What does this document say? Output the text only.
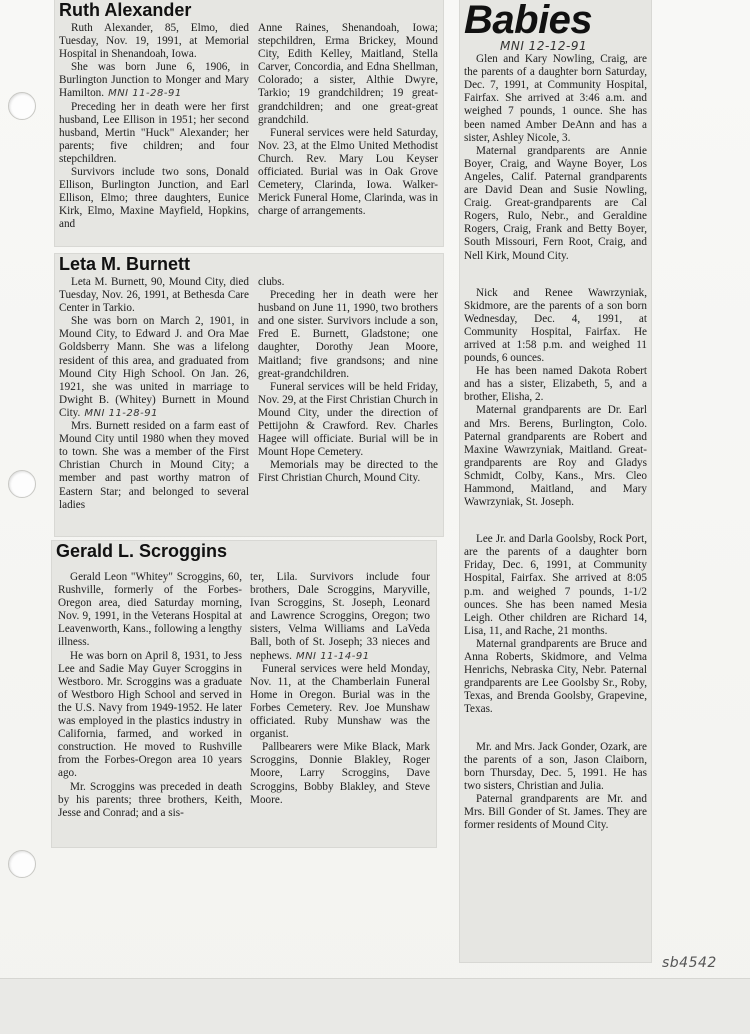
Ruth Alexander

Ruth Alexander, 85, Elmo, died Tuesday, Nov. 19, 1991, at Memorial Hospital in Shenandoah, Iowa.

She was born June 6, 1906, in Burlington Junction to Monger and Mary Hamilton. MNI 11-28-91

Preceding her in death were her first husband, Lee Ellison in 1951; her second husband, Mertin "Huck" Alexander; her parents; five children; and four stepchildren.

Survivors include two sons, Donald Ellison, Burlington Junction, and Earl Ellison, Elmo; three daughters, Eunice Kirk, Elmo, Maxine Mayfield, Hopkins, and

Anne Raines, Shenandoah, Iowa; stepchildren, Erma Brickey, Mound City, Edith Kelley, Maitland, Stella Carver, Concordia, and Edna Shellman, Colorado; a sister, Althie Dwyre, Tarkio; 19 grandchildren; 19 great-grandchildren; and one great-great grandchild.

Funeral services were held Saturday, Nov. 23, at the Elmo United Methodist Church. Rev. Mary Lou Keyser officiated. Burial was in Oak Grove Cemetery, Clarinda, Iowa. Walker-Merick Funeral Home, Clarinda, was in charge of arrangements.

Leta M. Burnett

Leta M. Burnett, 90, Mound City, died Tuesday, Nov. 26, 1991, at Bethesda Care Center in Tarkio.

She was born on March 2, 1901, in Mound City, to Edward J. and Ora Mae Goldsberry Mann. She was a lifelong resident of this area, and graduated from Mound City High School. On Jan. 26, 1921, she was united in marriage to Dwight B. (Whitey) Burnett in Mound City. MNI 11-28-91

Mrs. Burnett resided on a farm east of Mound City until 1980 when they moved to town. She was a member of the First Christian Church in Mound City; a member and past worthy matron of Eastern Star; and belonged to several ladies

clubs.

Preceding her in death were her husband on June 11, 1990, two brothers and one sister. Survivors include a son, Fred E. Burnett, Gladstone; one daughter, Dorothy Jean Moore, Maitland; five grandsons; and nine great-grandchildren.

Funeral services will be held Friday, Nov. 29, at the First Christian Church in Mound City, under the direction of Pettijohn & Crawford. Rev. Charles Hagee will officiate. Burial will be in Mount Hope Cemetery.

Memorials may be directed to the First Christian Church, Mound City.

Gerald L. Scroggins

Gerald Leon "Whitey" Scroggins, 60, Rushville, formerly of the Forbes-Oregon area, died Saturday morning, Nov. 9, 1991, in the Veterans Hospital at Leavenworth, Kans., following a lengthy illness.

He was born on April 8, 1931, to Jess Lee and Sadie May Guyer Scroggins in Westboro. Mr. Scroggins was a graduate of Westboro High School and served in the U.S. Navy from 1949-1952. He later was employed in the plastics industry in California, farmed, and worked in construction. He moved to Rushville from the Forbes-Oregon area 10 years ago.

Mr. Scroggins was preceded in death by his parents; three brothers, Keith, Jesse and Conrad; and a sis-

ter, Lila. Survivors include four brothers, Dale Scroggins, Maryville, Ivan Scroggins, St. Joseph, Leonard and Lawrence Scroggins, Oregon; two sisters, Velma Williams and LaVeda Ball, both of St. Joseph; 33 nieces and nephews. MNI 11-14-91

Funeral services were held Monday, Nov. 11, at the Chamberlain Funeral Home in Oregon. Burial was in the Forbes Cemetery. Rev. Joe Munshaw officiated. Ruby Munshaw was the organist.

Pallbearers were Mike Black, Mark Scroggins, Donnie Blakley, Roger Moore, Larry Scroggins, Dave Scroggins, Bobby Blakley, and Steve Moore.

Babies
MNI 12-12-91

Glen and Kary Nowling, Craig, are the parents of a daughter born Saturday, Dec. 7, 1991, at Community Hospital, Fairfax. She arrived at 3:46 a.m. and weighed 7 pounds, 1 ounce. She has been named Amber DeAnn and has a sister, Ashley Nicole, 3.

Maternal grandparents are Annie Boyer, Craig, and Wayne Boyer, Los Angeles, Calif. Paternal grandparents are David Dean and Susie Nowling, Craig. Great-grandparents are Cal Rogers, Rulo, Nebr., and Geraldine Rogers, Craig, Frank and Betty Boyer, South Missouri, Fern Root, Craig, and Nell Kirk, Mound City.

Nick and Renee Wawrzyniak, Skidmore, are the parents of a son born Wednesday, Dec. 4, 1991, at Community Hospital, Fairfax. He arrived at 1:58 p.m. and weighed 11 pounds, 6 ounces.

He has been named Dakota Robert and has a sister, Elizabeth, 5, and a brother, Elisha, 2.

Maternal grandparents are Dr. Earl and Mrs. Berens, Burlington, Colo. Paternal grandparents are Robert and Maxine Wawrzyniak, Maitland. Great-grandparents are Roy and Gladys Schmidt, Colby, Kans., Mrs. Cleo Hammond, Maitland, and Mary Wawrzyniak, St. Joseph.

Lee Jr. and Darla Goolsby, Rock Port, are the parents of a daughter born Friday, Dec. 6, 1991, at Community Hospital, Fairfax. She arrived at 8:05 p.m. and weighed 7 pounds, 1-1/2 ounces. She has been named Mesia Leigh. Other children are Richard 14, Lisa, 11, and Rache, 21 months.

Maternal grandparents are Bruce and Anna Roberts, Skidmore, and Velma Henrichs, Nebraska City, Nebr. Paternal grandparents are Lee Goolsby Sr., Roby, Texas, and Brenda Goolsby, Grapevine, Texas.

Mr. and Mrs. Jack Gonder, Ozark, are the parents of a son, Jason Claiborn, born Thursday, Dec. 5, 1991. He has two sisters, Christian and Julia.

Paternal grandparents are Mr. and Mrs. Bill Gonder of St. James. They are former residents of Mound City.

sb4542
